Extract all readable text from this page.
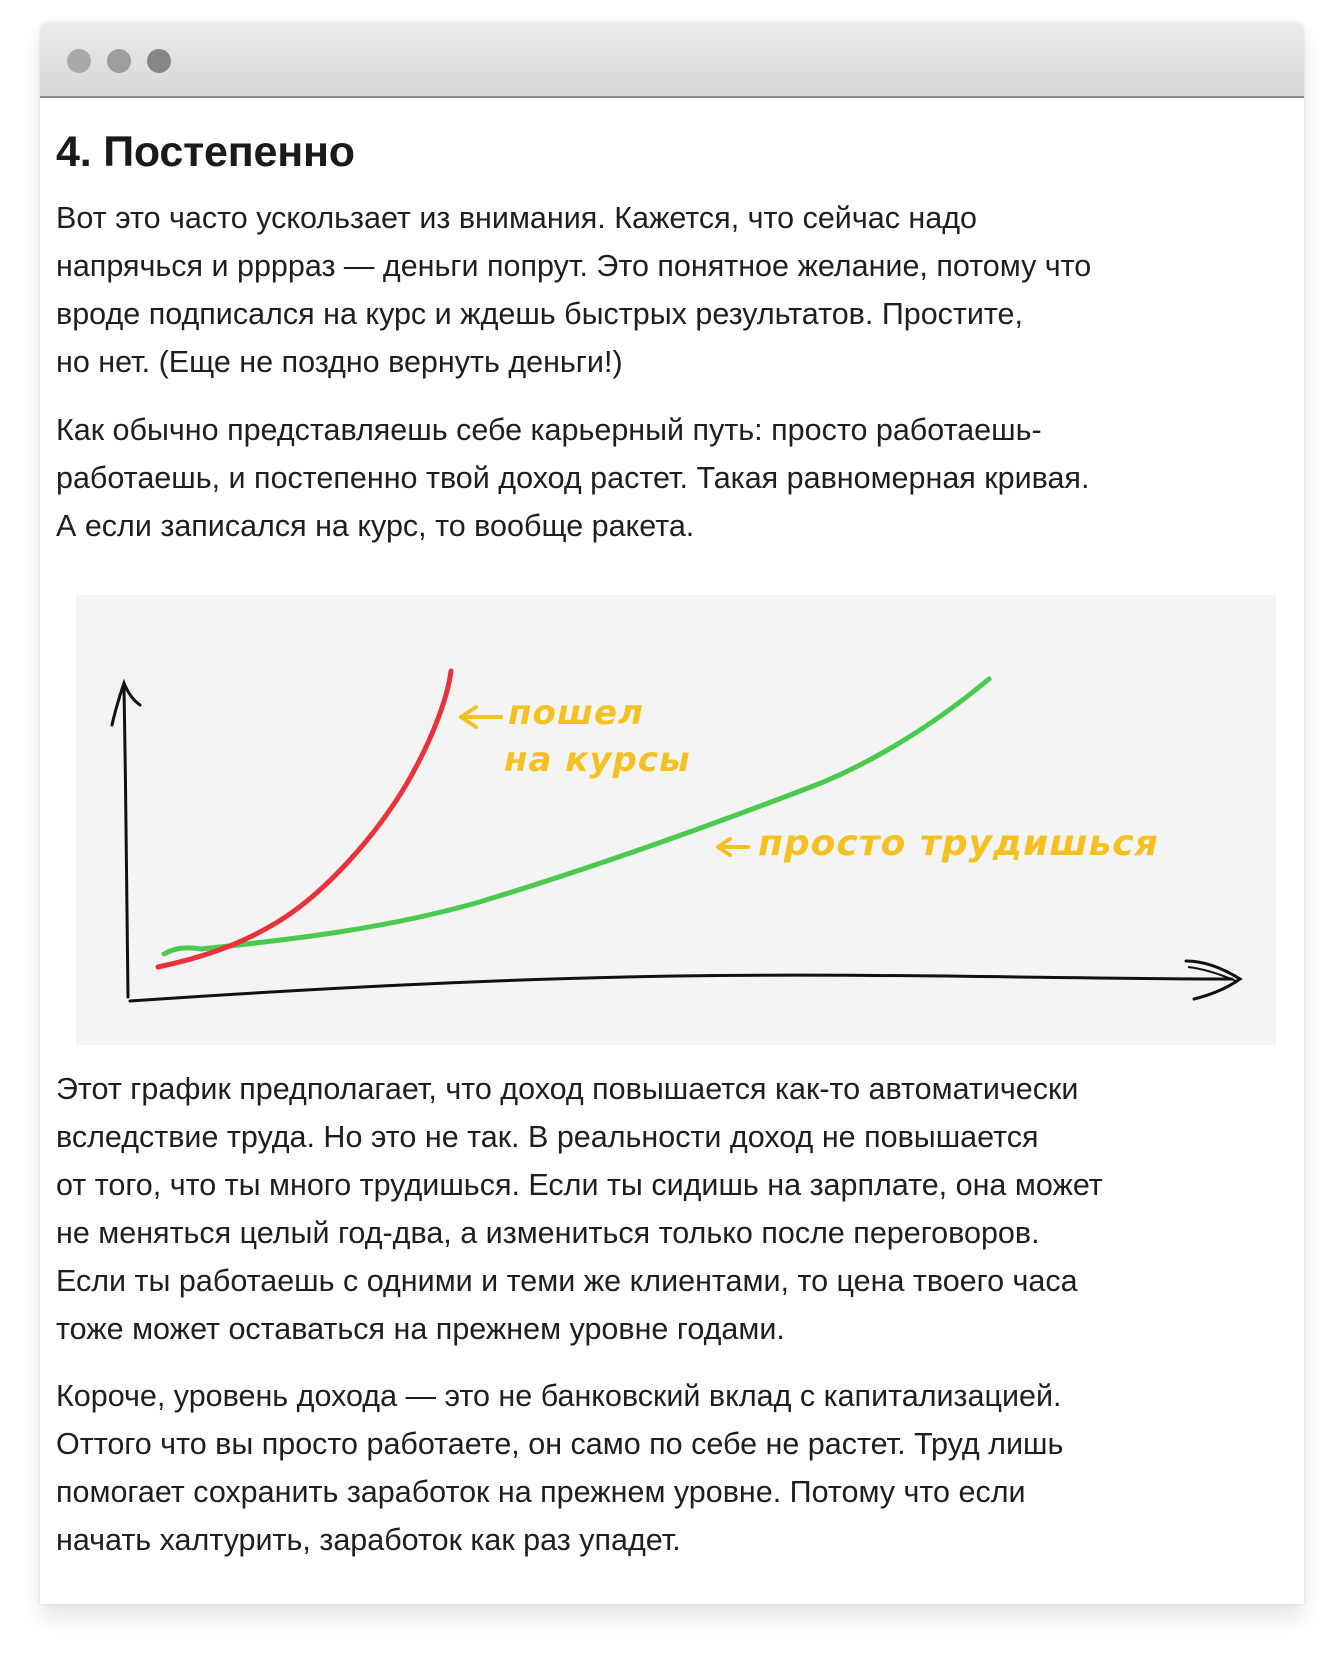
4. Постепенно

Вот это часто ускользает из внимания. Кажется, что сейчас надо
напрячься и рррраз — деньги попрут. Это понятное желание, потому что
вроде подписался на курс и ждешь быстрых результатов. Простите,
но нет. (Еще не поздно вернуть деньги!)

Как обычно представляешь себе карьерный путь: просто работаешь-
работаешь, и постепенно твой доход растет. Такая равномерная кривая.
А если записался на курс, то вообще ракета.

пошел
на курсы
просто трудишься

Этот график предполагает, что доход повышается как-то автоматически
вследствие труда. Но это не так. В реальности доход не повышается
от того, что ты много трудишься. Если ты сидишь на зарплате, она может
не меняться целый год-два, а измениться только после переговоров.
Если ты работаешь с одними и теми же клиентами, то цена твоего часа
тоже может оставаться на прежнем уровне годами.

Короче, уровень дохода — это не банковский вклад с капитализацией.
Оттого что вы просто работаете, он само по себе не растет. Труд лишь
помогает сохранить заработок на прежнем уровне. Потому что если
начать халтурить, заработок как раз упадет.
